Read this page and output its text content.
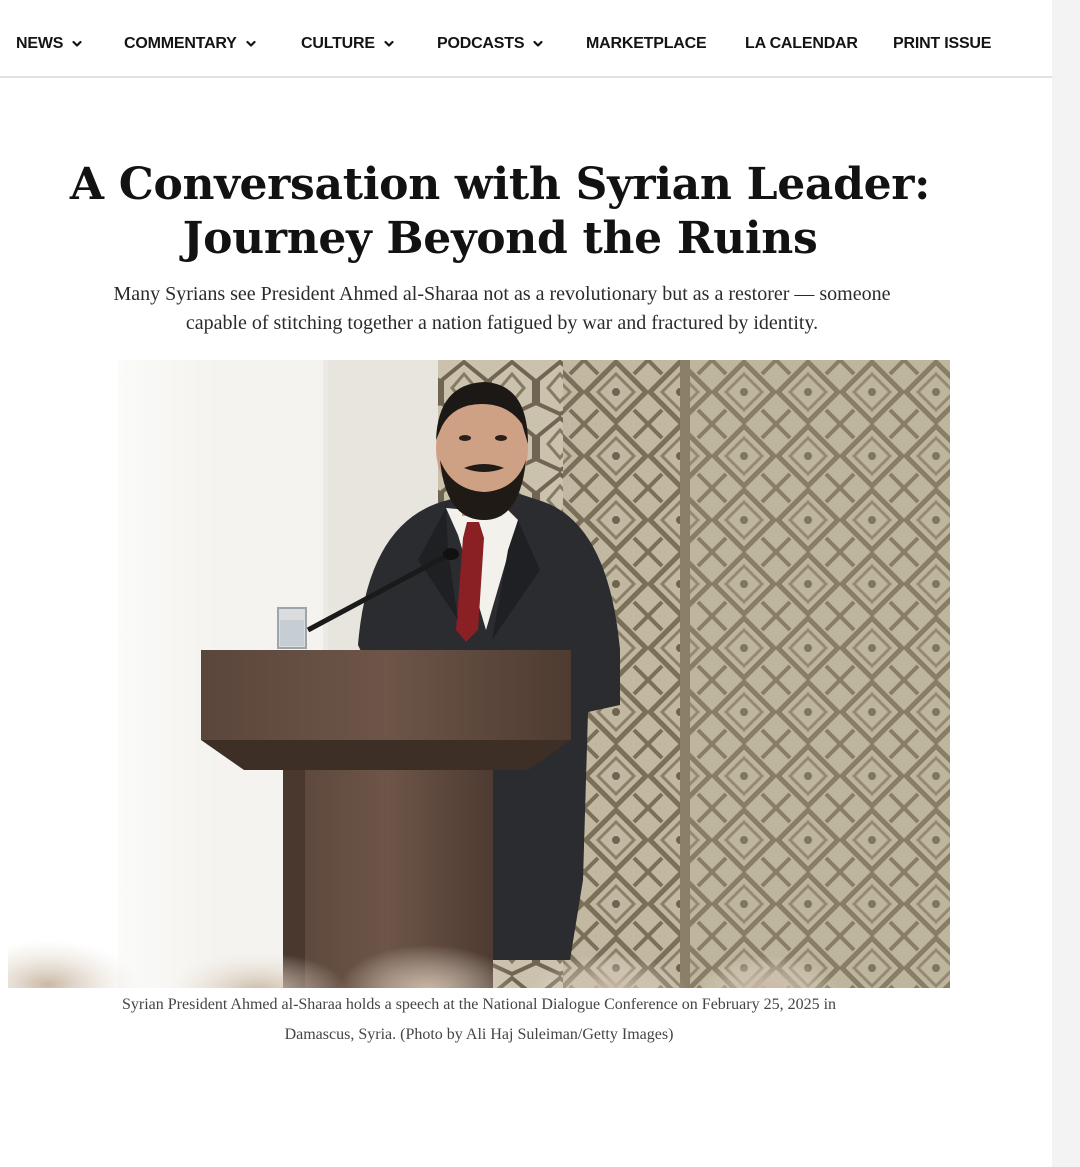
NEWS	COMMENTARY	CULTURE	PODCASTS	MARKETPLACE LA CALENDAR PRINT ISSUE
A Conversation with Syrian Leader:
Journey Beyond the Ruins

Many Syrians see President Ahmed al-Sharaa not as a revolutionary but as a restorer — someone
capable of stitching together a nation fatigued by war and fractured by identity.

Syrian President Ahmed al-Sharaa holds a speech at the National Dialogue Conference on February 25, 2025 in
Damascus, Syria. (Photo by Ali Haj Suleiman/Getty Images)
